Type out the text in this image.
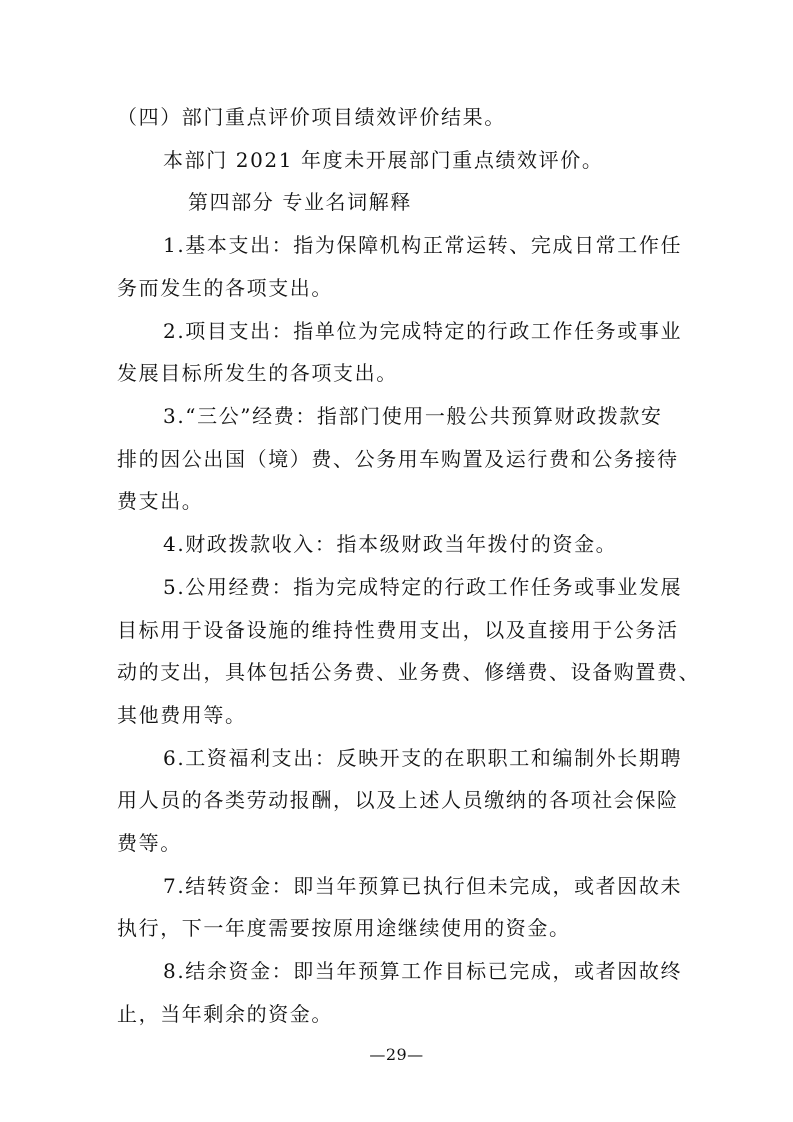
（四）部门重点评价项目绩效评价结果。
本部门 2021 年度未开展部门重点绩效评价。
第四部分 专业名词解释
1.基本支出：指为保障机构正常运转、完成日常工作任
务而发生的各项支出。
2.项目支出：指单位为完成特定的行政工作任务或事业
发展目标所发生的各项支出。
3.“三公”经费：指部门使用一般公共预算财政拨款安
排的因公出国（境）费、公务用车购置及运行费和公务接待
费支出。
4.财政拨款收入：指本级财政当年拨付的资金。
5.公用经费：指为完成特定的行政工作任务或事业发展
目标用于设备设施的维持性费用支出，以及直接用于公务活
动的支出，具体包括公务费、业务费、修缮费、设备购置费、
其他费用等。
6.工资福利支出：反映开支的在职职工和编制外长期聘
用人员的各类劳动报酬，以及上述人员缴纳的各项社会保险
费等。
7.结转资金：即当年预算已执行但未完成，或者因故未
执行，下一年度需要按原用途继续使用的资金。
8.结余资金：即当年预算工作目标已完成，或者因故终
止，当年剩余的资金。
—29—
